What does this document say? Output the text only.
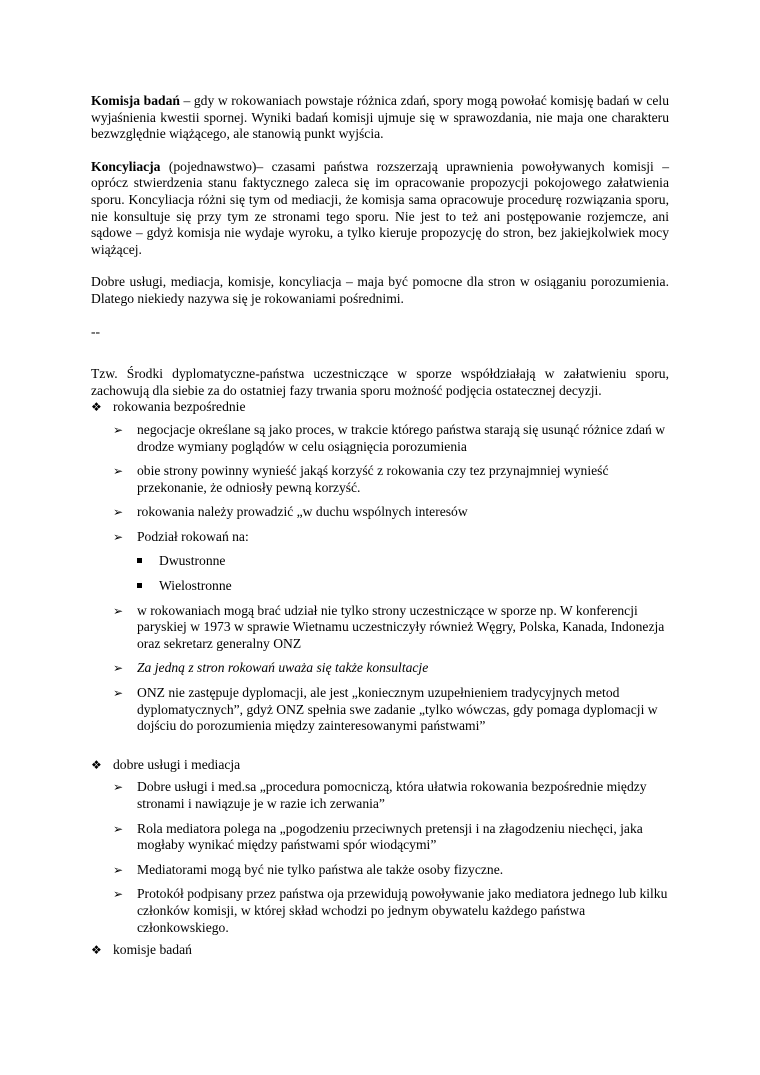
Komisja badań – gdy w rokowaniach powstaje różnica zdań, spory mogą powołać komisję badań w celu wyjaśnienia kwestii spornej. Wyniki badań komisji ujmuje się w sprawozdania, nie maja one charakteru bezwzględnie wiążącego, ale stanowią punkt wyjścia.

Koncyliacja (pojednawstwo)– czasami państwa rozszerzają uprawnienia powoływanych komisji – oprócz stwierdzenia stanu faktycznego zaleca się im opracowanie propozycji pokojowego załatwienia sporu. Koncyliacja różni się tym od mediacji, że komisja sama opracowuje procedurę rozwiązania sporu, nie konsultuje się przy tym ze stronami tego sporu. Nie jest to też ani postępowanie rozjemcze, ani sądowe – gdyż komisja nie wydaje wyroku, a tylko kieruje propozycję do stron, bez jakiejkolwiek mocy wiążącej.

Dobre usługi, mediacja, komisje, koncyliacja – maja być pomocne dla stron w osiąganiu porozumienia. Dlatego niekiedy nazywa się je rokowaniami pośrednimi.

--

Tzw. Środki dyplomatyczne-państwa uczestniczące w sporze współdziałają w załatwieniu sporu, zachowują dla siebie za do ostatniej fazy trwania sporu możność podjęcia ostatecznej decyzji.

❖ rokowania bezpośrednie
➢ negocjacje określane są jako proces, w trakcie którego państwa starają się usunąć różnice zdań w drodze wymiany poglądów w celu osiągnięcia porozumienia
➢ obie strony powinny wynieść jakąś korzyść z rokowania czy tez przynajmniej wynieść przekonanie, że odniosły pewną korzyść.
➢ rokowania należy prowadzić „w duchu wspólnych interesów
➢ Podział rokowań na:
Dwustronne
Wielostronne
➢ w rokowaniach mogą brać udział nie tylko strony uczestniczące w sporze np. W konferencji paryskiej w 1973 w sprawie Wietnamu uczestniczyły również Węgry, Polska, Kanada, Indonezja oraz sekretarz generalny ONZ
➢ Za jedną z stron rokowań uważa się także konsultacje
➢ ONZ nie zastępuje dyplomacji, ale jest „koniecznym uzupełnieniem tradycyjnych metod dyplomatycznych”, gdyż ONZ spełnia swe zadanie „tylko wówczas, gdy pomaga dyplomacji w dojściu do porozumienia między zainteresowanymi państwami”
❖ dobre usługi i mediacja
➢ Dobre usługi i med.sa „procedura pomocniczą, która ułatwia rokowania bezpośrednie między stronami i nawiązuje je w razie ich zerwania”
➢ Rola mediatora polega na „pogodzeniu przeciwnych pretensji i na złagodzeniu niechęci, jaka mogłaby wynikać między państwami spór wiodącymi”
➢ Mediatorami mogą być nie tylko państwa ale także osoby fizyczne.
➢ Protokół podpisany przez państwa oja przewidują powoływanie jako mediatora jednego lub kilku członków komisji, w której skład wchodzi po jednym obywatelu każdego państwa członkowskiego.
❖ komisje badań
